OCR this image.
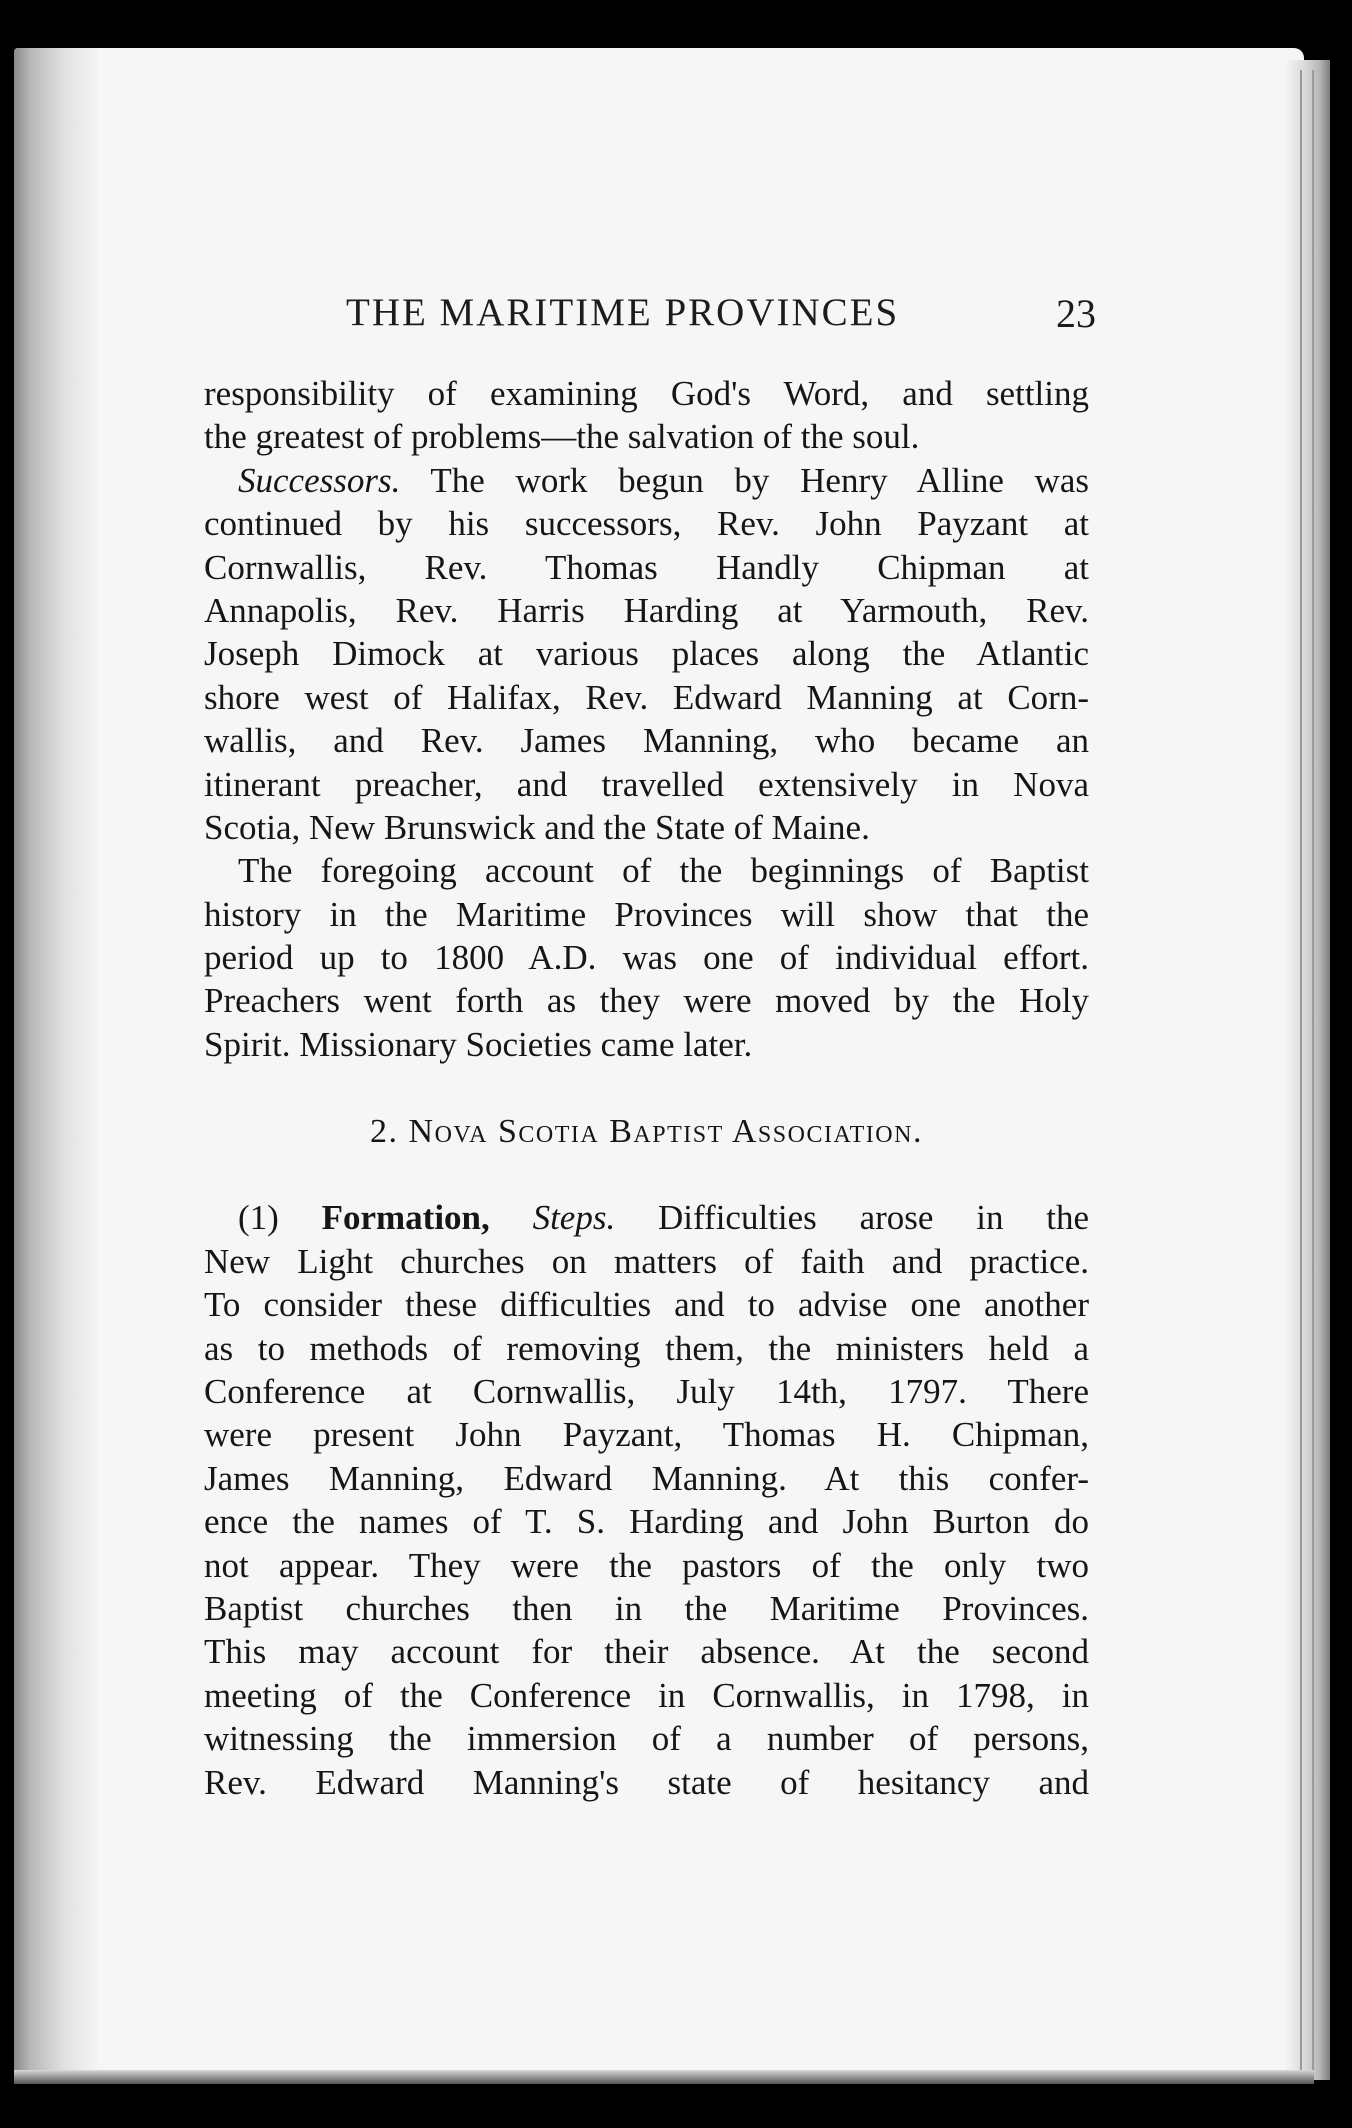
THE MARITIME PROVINCES	23
responsibility of examining God's Word, and settling
the greatest of problems—the salvation of the soul.
Successors. The work begun by Henry Alline was
continued by his successors, Rev. John Payzant at
Cornwallis, Rev. Thomas Handly Chipman at
Annapolis, Rev. Harris Harding at Yarmouth, Rev.
Joseph Dimock at various places along the Atlantic
shore west of Halifax, Rev. Edward Manning at Corn-
wallis, and Rev. James Manning, who became an
itinerant preacher, and travelled extensively in Nova
Scotia, New Brunswick and the State of Maine.
The foregoing account of the beginnings of Baptist
history in the Maritime Provinces will show that the
period up to 1800 A.D. was one of individual effort.
Preachers went forth as they were moved by the Holy
Spirit. Missionary Societies came later.
2. Nova Scotia Baptist Association.
(1) Formation, Steps. Difficulties arose in the
New Light churches on matters of faith and practice.
To consider these difficulties and to advise one another
as to methods of removing them, the ministers held a
Conference at Cornwallis, July 14th, 1797. There
were present John Payzant, Thomas H. Chipman,
James Manning, Edward Manning. At this confer-
ence the names of T. S. Harding and John Burton do
not appear. They were the pastors of the only two
Baptist churches then in the Maritime Provinces.
This may account for their absence. At the second
meeting of the Conference in Cornwallis, in 1798, in
witnessing the immersion of a number of persons,
Rev. Edward Manning's state of hesitancy and
